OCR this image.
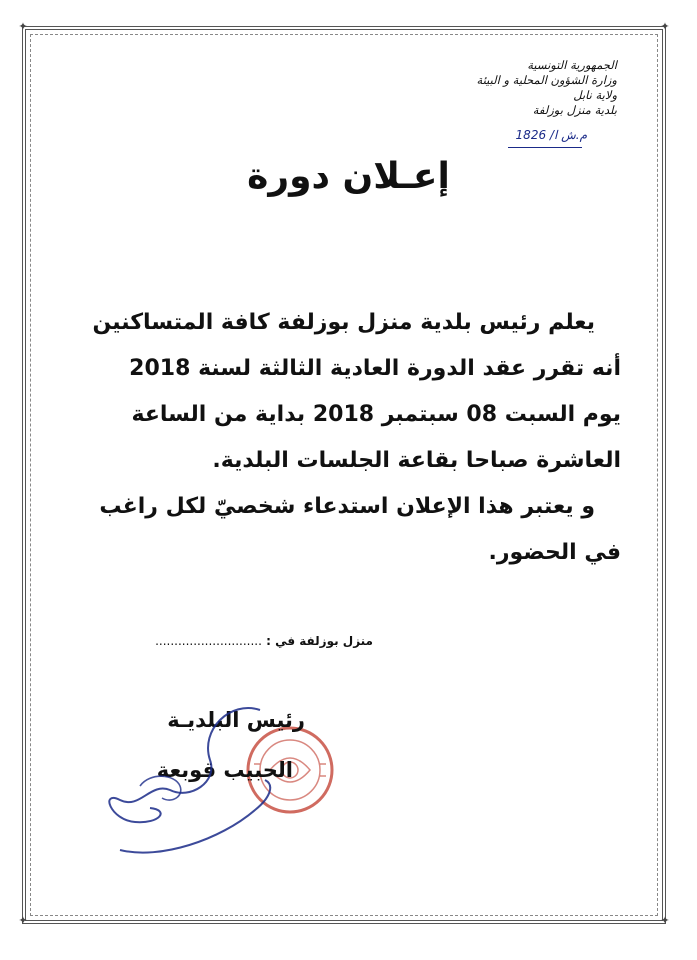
✦	✦
✦	✦
الجمهورية التونسية
وزارة الشؤون المحلية و البيئة
ولاية نابل
بلدية منزل بوزلفة
م.ش ا/ 1826
إعـلان دورة
يعلم رئيس بلدية منزل بوزلفة كافة المتساكنين
أنه تقرر عقد الدورة العادية الثالثة لسنة 2018
يوم السبت 08 سبتمبر 2018 بداية من الساعة
العاشرة صباحا بقاعة الجلسات البلدية.
و يعتبر هذا الإعلان استدعاء شخصيّ لكل راغب
في الحضور.
منزل بوزلفة في : ............................
رئيس البلديـة
الحبيب قوبعة
